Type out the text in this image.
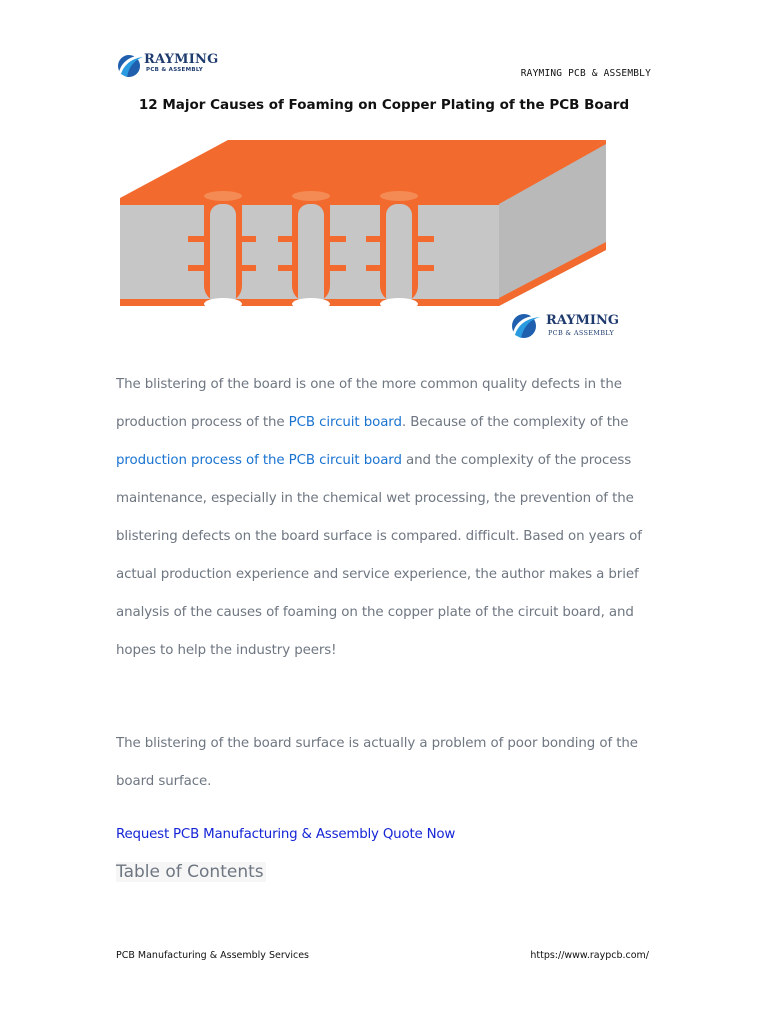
RAYMING
PCB & ASSEMBLY	RAYMING PCB & ASSEMBLY
12 Major Causes of Foaming on Copper Plating of the PCB Board
RAYMING
PCB & ASSEMBLY

The blistering of the board is one of the more common quality defects in the production process of the PCB circuit board. Because of the complexity of the production process of the PCB circuit board and the complexity of the process maintenance, especially in the chemical wet processing, the prevention of the blistering defects on the board surface is compared. difficult. Based on years of actual production experience and service experience, the author makes a brief analysis of the causes of foaming on the copper plate of the circuit board, and hopes to help the industry peers!

The blistering of the board surface is actually a problem of poor bonding of the board surface.

Request PCB Manufacturing & Assembly Quote Now
Table of Contents
PCB Manufacturing & Assembly Services	https://www.raypcb.com/
